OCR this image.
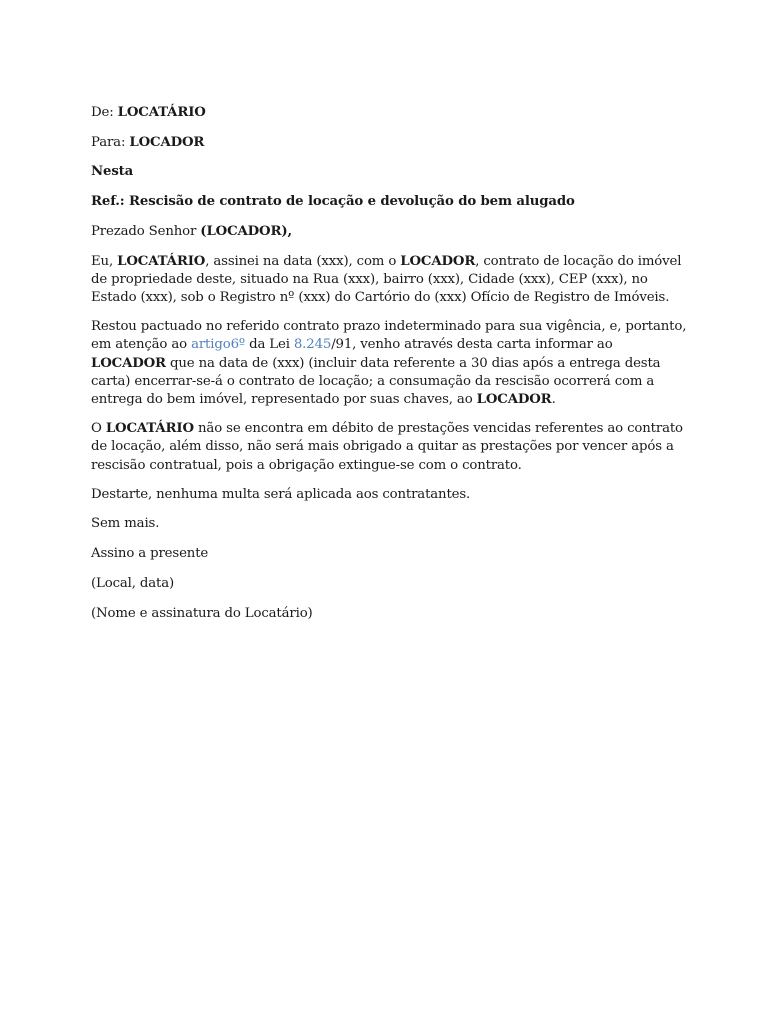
De: LOCATÁRIO

Para: LOCADOR

Nesta

Ref.: Rescisão de contrato de locação e devolução do bem alugado

Prezado Senhor (LOCADOR),

Eu, LOCATÁRIO, assinei na data (xxx), com o LOCADOR, contrato de locação do imóvel de propriedade deste, situado na Rua (xxx), bairro (xxx), Cidade (xxx), CEP (xxx), no Estado (xxx), sob o Registro nº (xxx) do Cartório do (xxx) Ofício de Registro de Imóveis.

Restou pactuado no referido contrato prazo indeterminado para sua vigência, e, portanto, em atenção ao artigo6º da Lei 8.245/91, venho através desta carta informar ao LOCADOR que na data de (xxx) (incluir data referente a 30 dias após a entrega desta carta) encerrar-se-á o contrato de locação; a consumação da rescisão ocorrerá com a entrega do bem imóvel, representado por suas chaves, ao LOCADOR.

O LOCATÁRIO não se encontra em débito de prestações vencidas referentes ao contrato de locação, além disso, não será mais obrigado a quitar as prestações por vencer após a rescisão contratual, pois a obrigação extingue-se com o contrato.

Destarte, nenhuma multa será aplicada aos contratantes.

Sem mais.

Assino a presente

(Local, data)

(Nome e assinatura do Locatário)
